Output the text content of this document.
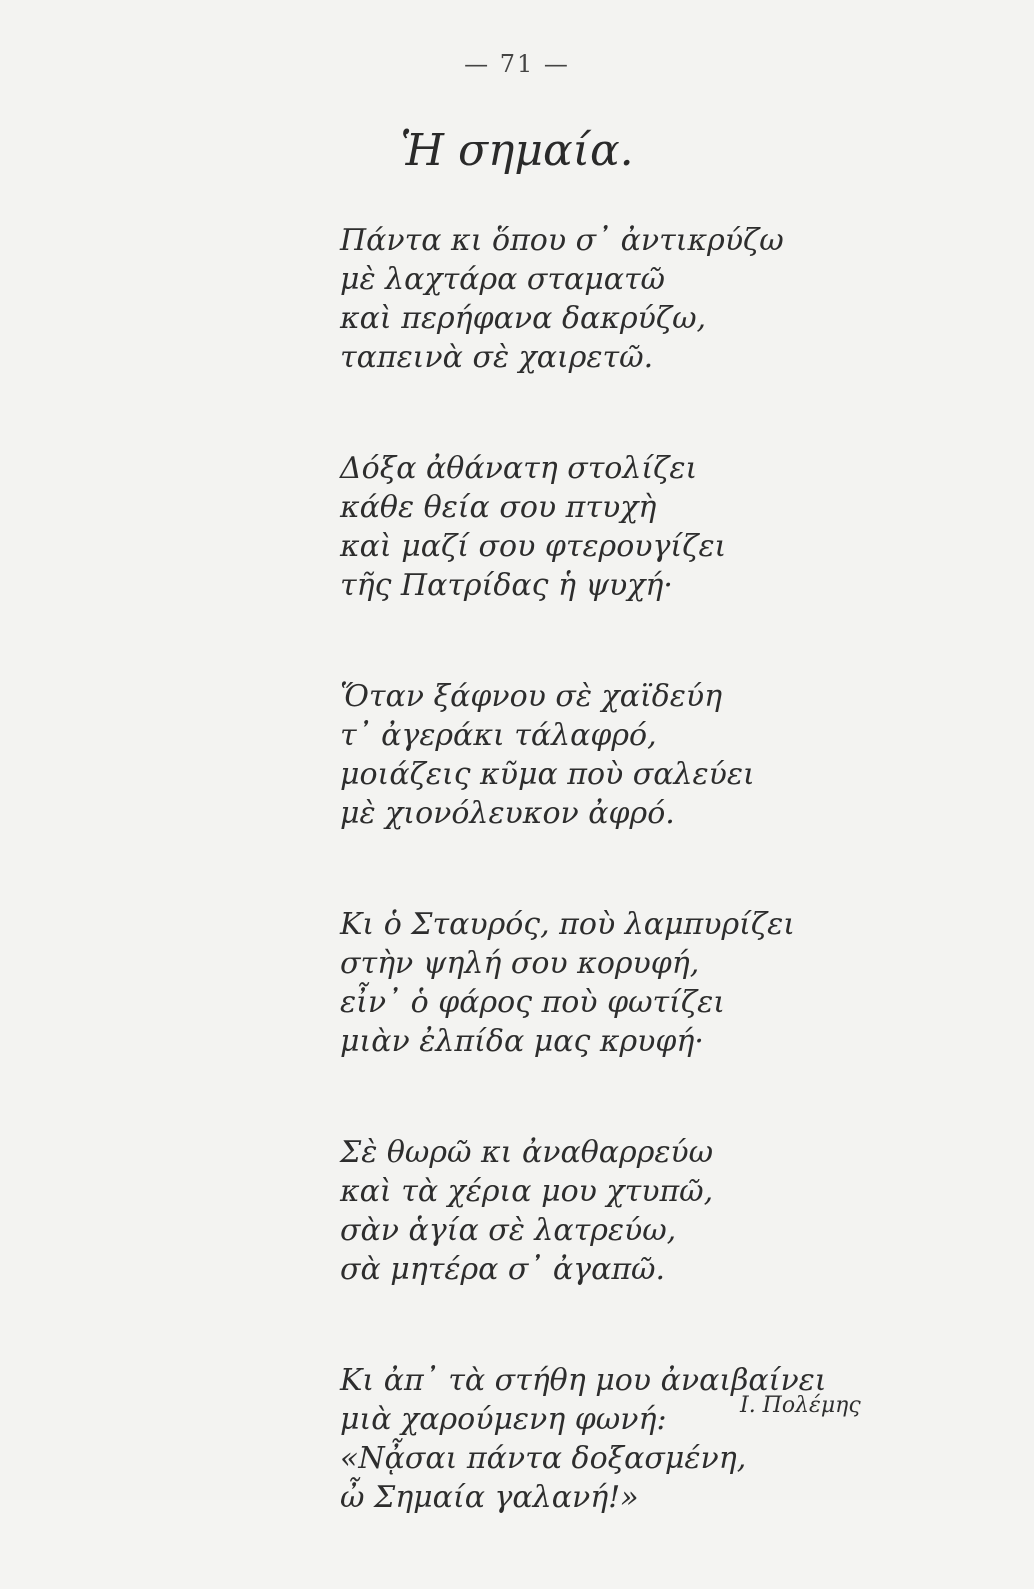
— 71 —
Ἡ σημαία.
Πάντα κι ὅπου σ᾽ ἀντικρύζω
μὲ λαχτάρα σταματῶ
καὶ περήφανα δακρύζω,
ταπεινὰ σὲ χαιρετῶ.
Δόξα ἀθάνατη στολίζει
κάθε θεία σου πτυχὴ
καὶ μαζί σου φτερουγίζει
τῆς Πατρίδας ἡ ψυχή·
Ὅταν ξάφνου σὲ χαϊδεύη
τ᾽ ἀγεράκι τάλαφρό,
μοιάζεις κῦμα ποὺ σαλεύει
μὲ χιονόλευκον ἀφρό.
Κι ὁ Σταυρός, ποὺ λαμπυρίζει
στὴν ψηλή σου κορυφή,
εἶν᾽ ὁ φάρος ποὺ φωτίζει
μιὰν ἐλπίδα μας κρυφή·
Σὲ θωρῶ κι ἀναθαρρεύω
καὶ τὰ χέρια μου χτυπῶ,
σὰν ἁγία σὲ λατρεύω,
σὰ μητέρα σ᾽ ἀγαπῶ.
Κι ἀπ᾽ τὰ στήθη μου ἀναιβαίνει
μιὰ χαρούμενη φωνή:
«Νᾆσαι πάντα δοξασμένη,
ὦ Σημαία γαλανή!»
Ι. Πολέμης
